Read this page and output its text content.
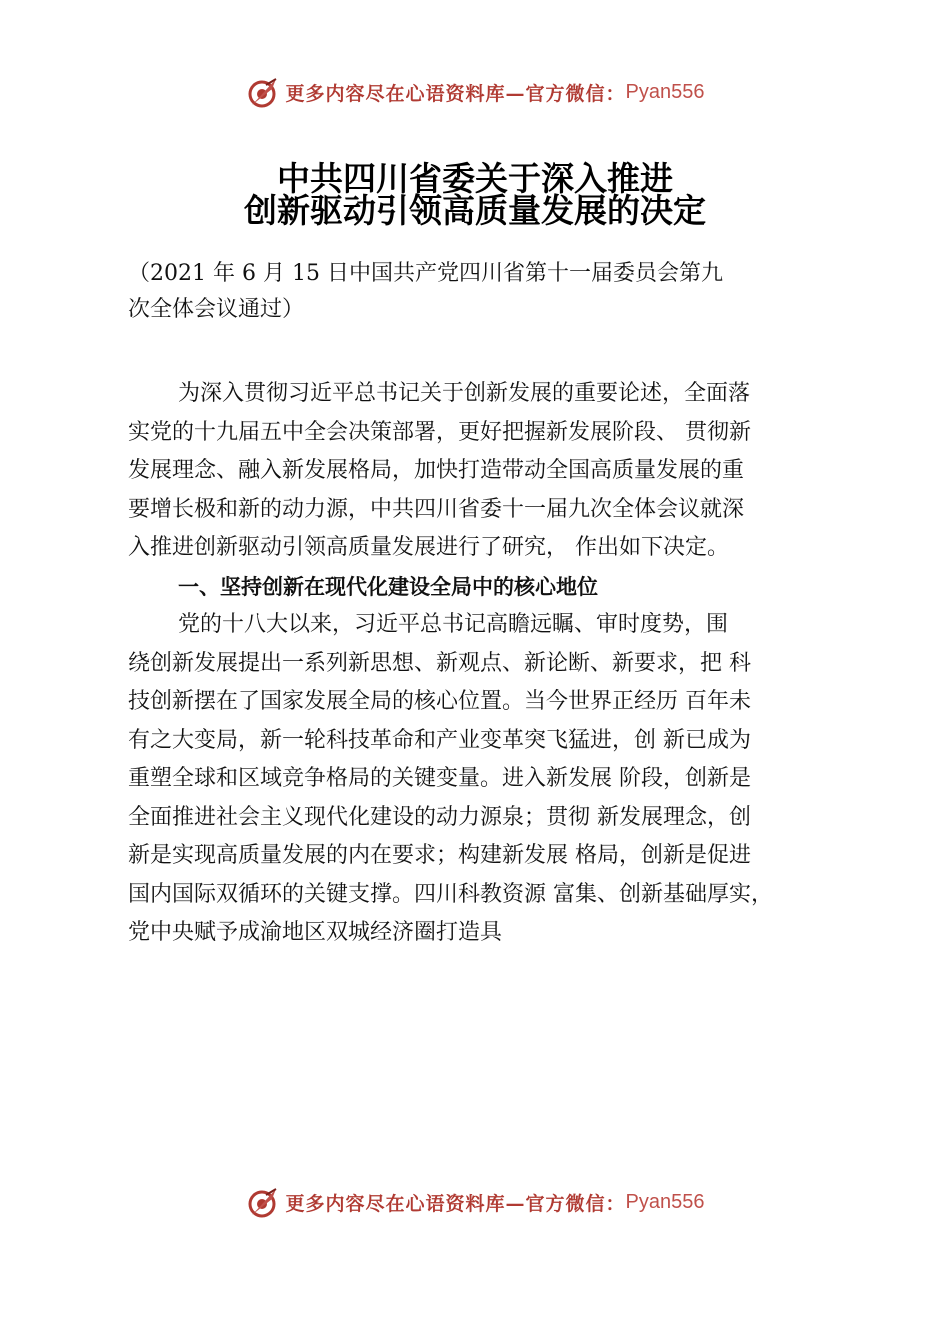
更多内容尽在心语资料库—官方微信： Pyan556
中共四川省委关于深入推进
创新驱动引领高质量发展的决定
（2021 年 6 月 15 日中国共产党四川省第十一届委员会第九
次全体会议通过）
为深入贯彻习近平总书记关于创新发展的重要论述，全面落
实党的十九届五中全会决策部署，更好把握新发展阶段、 贯彻新
发展理念、融入新发展格局，加快打造带动全国高质量发展的重
要增长极和新的动力源，中共四川省委十一届九次全体会议就深
入推进创新驱动引领高质量发展进行了研究， 作出如下决定。
一、坚持创新在现代化建设全局中的核心地位
党的十八大以来，习近平总书记高瞻远瞩、审时度势，围
绕创新发展提出一系列新思想、新观点、新论断、新要求，把 科
技创新摆在了国家发展全局的核心位置。当今世界正经历 百年未
有之大变局，新一轮科技革命和产业变革突飞猛进，创 新已成为
重塑全球和区域竞争格局的关键变量。进入新发展 阶段，创新是
全面推进社会主义现代化建设的动力源泉；贯彻 新发展理念，创
新是实现高质量发展的内在要求；构建新发展 格局，创新是促进
国内国际双循环的关键支撑。四川科教资源 富集、创新基础厚实，
党中央赋予成渝地区双城经济圈打造具
更多内容尽在心语资料库—官方微信： Pyan556
